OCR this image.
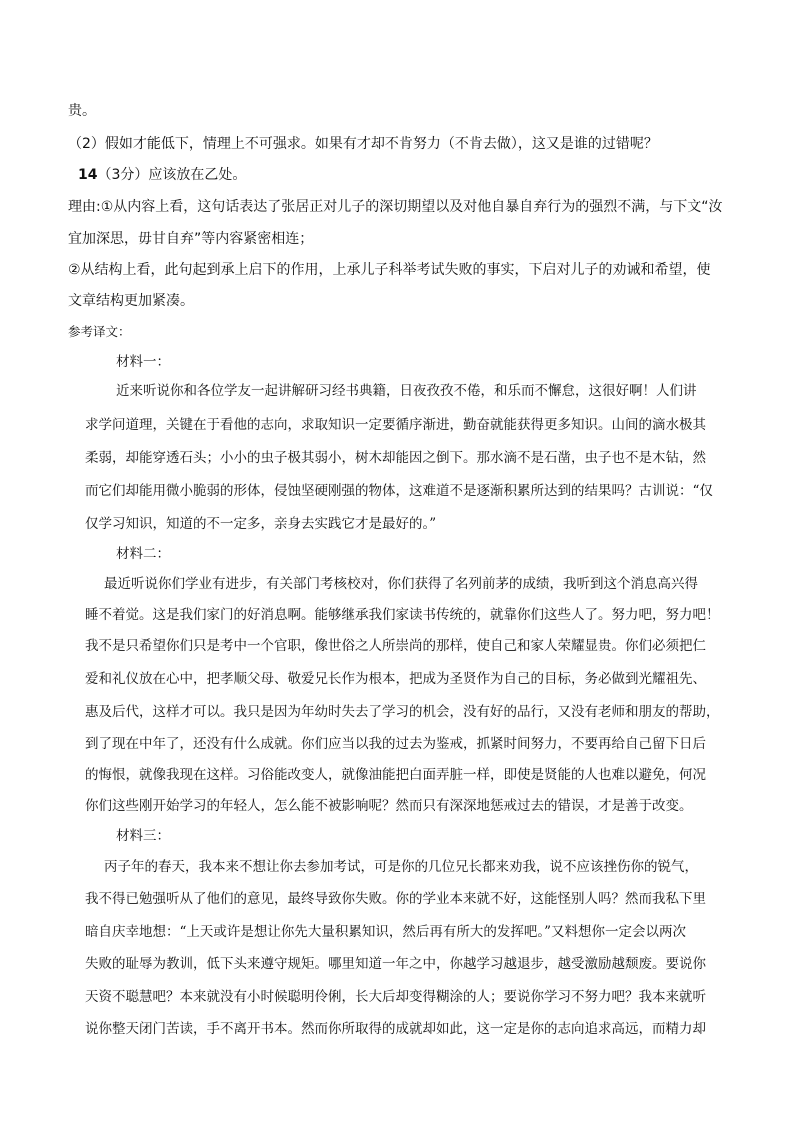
贵。
（2）假如才能低下，情理上不可强求。如果有才却不肯努力（不肯去做），这又是谁的过错呢？
14（3分）应该放在乙处。
理由:①从内容上看，这句话表达了张居正对儿子的深切期望以及对他自暴自弃行为的强烈不满，与下文“汝
宜加深思，毋甘自弃”等内容紧密相连；
②从结构上看，此句起到承上启下的作用，上承儿子科举考试失败的事实，下启对儿子的劝诫和希望，使
文章结构更加紧凑。
参考译文：
材料一：
近来听说你和各位学友一起讲解研习经书典籍，日夜孜孜不倦，和乐而不懈怠，这很好啊！人们讲
求学问道理，关键在于看他的志向，求取知识一定要循序渐进，勤奋就能获得更多知识。山间的滴水极其
柔弱，却能穿透石头；小小的虫子极其弱小，树木却能因之倒下。那水滴不是石凿，虫子也不是木钻，然
而它们却能用微小脆弱的形体，侵蚀坚硬刚强的物体，这难道不是逐渐积累所达到的结果吗？古训说：“仅
仅学习知识，知道的不一定多，亲身去实践它才是最好的。”
材料二：
最近听说你们学业有进步，有关部门考核校对，你们获得了名列前茅的成绩，我听到这个消息高兴得
睡不着觉。这是我们家门的好消息啊。能够继承我们家读书传统的，就靠你们这些人了。努力吧，努力吧！
我不是只希望你们只是考中一个官职，像世俗之人所崇尚的那样，使自己和家人荣耀显贵。你们必须把仁
爱和礼仪放在心中，把孝顺父母、敬爱兄长作为根本，把成为圣贤作为自己的目标，务必做到光耀祖先、
惠及后代，这样才可以。我只是因为年幼时失去了学习的机会，没有好的品行，又没有老师和朋友的帮助，
到了现在中年了，还没有什么成就。你们应当以我的过去为鉴戒，抓紧时间努力，不要再给自己留下日后
的悔恨，就像我现在这样。习俗能改变人，就像油能把白面弄脏一样，即使是贤能的人也难以避免，何况
你们这些刚开始学习的年轻人，怎么能不被影响呢？然而只有深深地惩戒过去的错误，才是善于改变。
材料三：
丙子年的春天，我本来不想让你去参加考试，可是你的几位兄长都来劝我，说不应该挫伤你的锐气，
我不得已勉强听从了他们的意见，最终导致你失败。你的学业本来就不好，这能怪别人吗？然而我私下里
暗自庆幸地想：“上天或许是想让你先大量积累知识，然后再有所大的发挥吧。”又料想你一定会以两次
失败的耻辱为教训，低下头来遵守规矩。哪里知道一年之中，你越学习越退步，越受激励越颓废。要说你
天资不聪慧吧？本来就没有小时候聪明伶俐，长大后却变得糊涂的人；要说你学习不努力吧？我本来就听
说你整天闭门苦读，手不离开书本。然而你所取得的成就却如此，这一定是你的志向追求高远，而精力却
